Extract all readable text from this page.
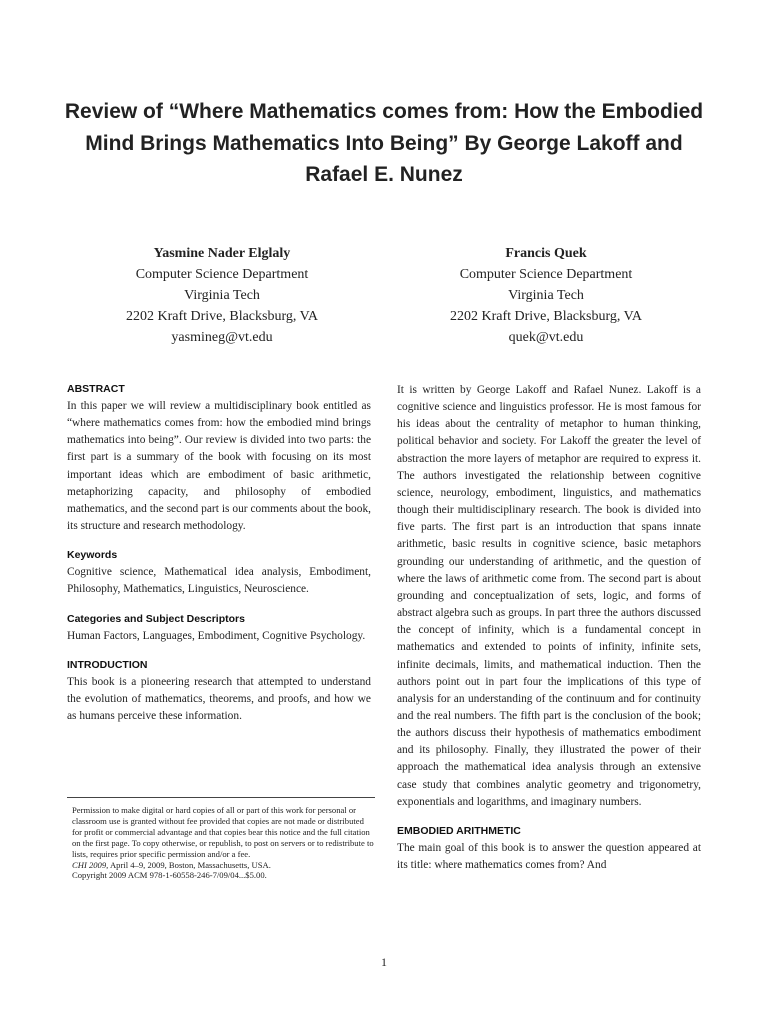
Review of “Where Mathematics comes from: How the Embodied Mind Brings Mathematics Into Being” By George Lakoff and Rafael E. Nunez
Yasmine Nader Elglaly
Computer Science Department
Virginia Tech
2202 Kraft Drive, Blacksburg, VA
yasmineg@vt.edu
Francis Quek
Computer Science Department
Virginia Tech
2202 Kraft Drive, Blacksburg, VA
quek@vt.edu
ABSTRACT

In this paper we will review a multidisciplinary book entitled as “where mathematics comes from: how the embodied mind brings mathematics into being”. Our review is divided into two parts: the first part is a summary of the book with focusing on its most important ideas which are embodiment of basic arithmetic, metaphorizing capacity, and philosophy of embodied mathematics, and the second part is our comments about the book, its structure and research methodology.

Keywords

Cognitive science, Mathematical idea analysis, Embodiment, Philosophy, Mathematics, Linguistics, Neuroscience.

Categories and Subject Descriptors

Human Factors, Languages, Embodiment, Cognitive Psychology.

INTRODUCTION

This book is a pioneering research that attempted to understand the evolution of mathematics, theorems, and proofs, and how we as humans perceive these information.

Permission to make digital or hard copies of all or part of this work for personal or classroom use is granted without fee provided that copies are not made or distributed for profit or commercial advantage and that copies bear this notice and the full citation on the first page. To copy otherwise, or republish, to post on servers or to redistribute to lists, requires prior specific permission and/or a fee.

CHI 2009, April 4–9, 2009, Boston, Massachusetts, USA.

Copyright 2009 ACM 978-1-60558-246-7/09/04...$5.00.

It is written by George Lakoff and Rafael Nunez. Lakoff is a cognitive science and linguistics professor. He is most famous for his ideas about the centrality of metaphor to human thinking, political behavior and society. For Lakoff the greater the level of abstraction the more layers of metaphor are required to express it. The authors investigated the relationship between cognitive science, neurology, embodiment, linguistics, and mathematics though their multidisciplinary research. The book is divided into five parts. The first part is an introduction that spans innate arithmetic, basic results in cognitive science, basic metaphors grounding our understanding of arithmetic, and the question of where the laws of arithmetic come from. The second part is about grounding and conceptualization of sets, logic, and forms of abstract algebra such as groups. In part three the authors discussed the concept of infinity, which is a fundamental concept in mathematics and extended to points of infinity, infinite sets, infinite decimals, limits, and mathematical induction. Then the authors point out in part four the implications of this type of analysis for an understanding of the continuum and for continuity and the real numbers. The fifth part is the conclusion of the book; the authors discuss their hypothesis of mathematics embodiment and its philosophy. Finally, they illustrated the power of their approach the mathematical idea analysis through an extensive case study that combines analytic geometry and trigonometry, exponentials and logarithms, and imaginary numbers.

EMBODIED ARITHMETIC

The main goal of this book is to answer the question appeared at its title: where mathematics comes from? And

1
